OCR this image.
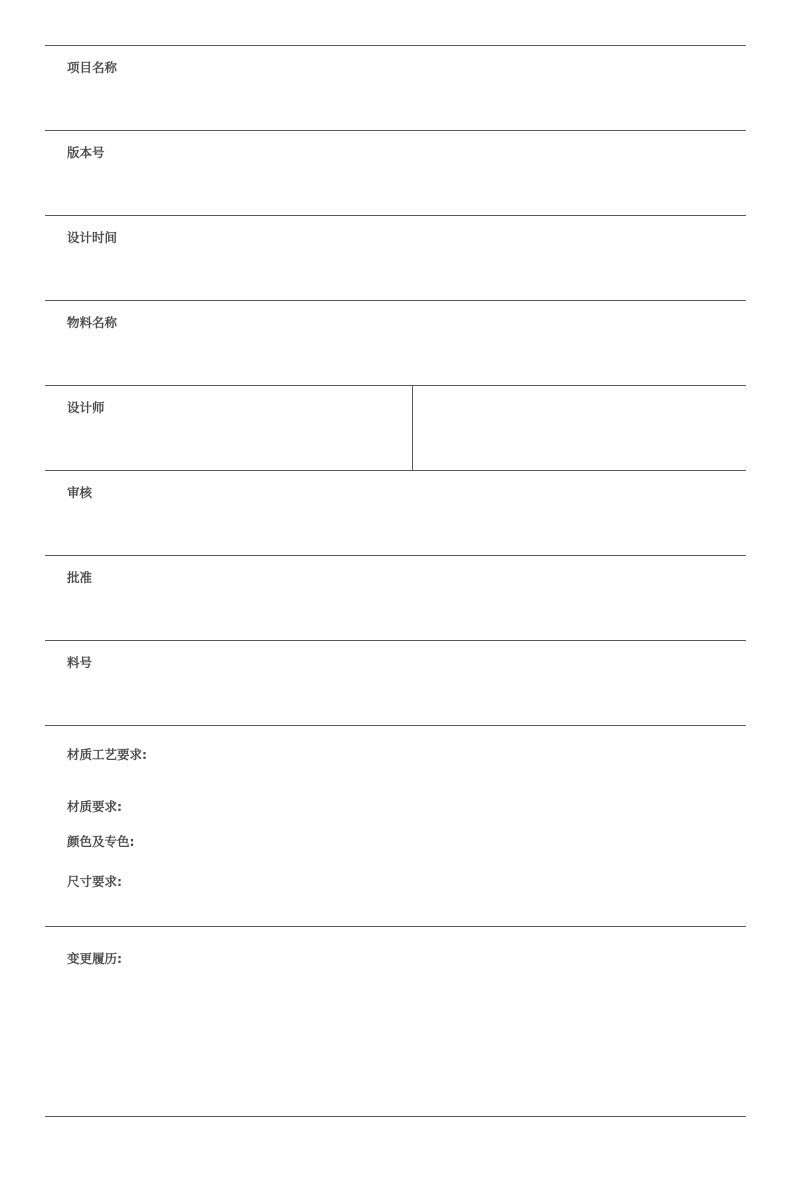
项目名称
版本号
设计时间
物料名称
设计师
审核
批准
料号
材质工艺要求:
材质要求:
颜色及专色:
尺寸要求:
变更履历:
